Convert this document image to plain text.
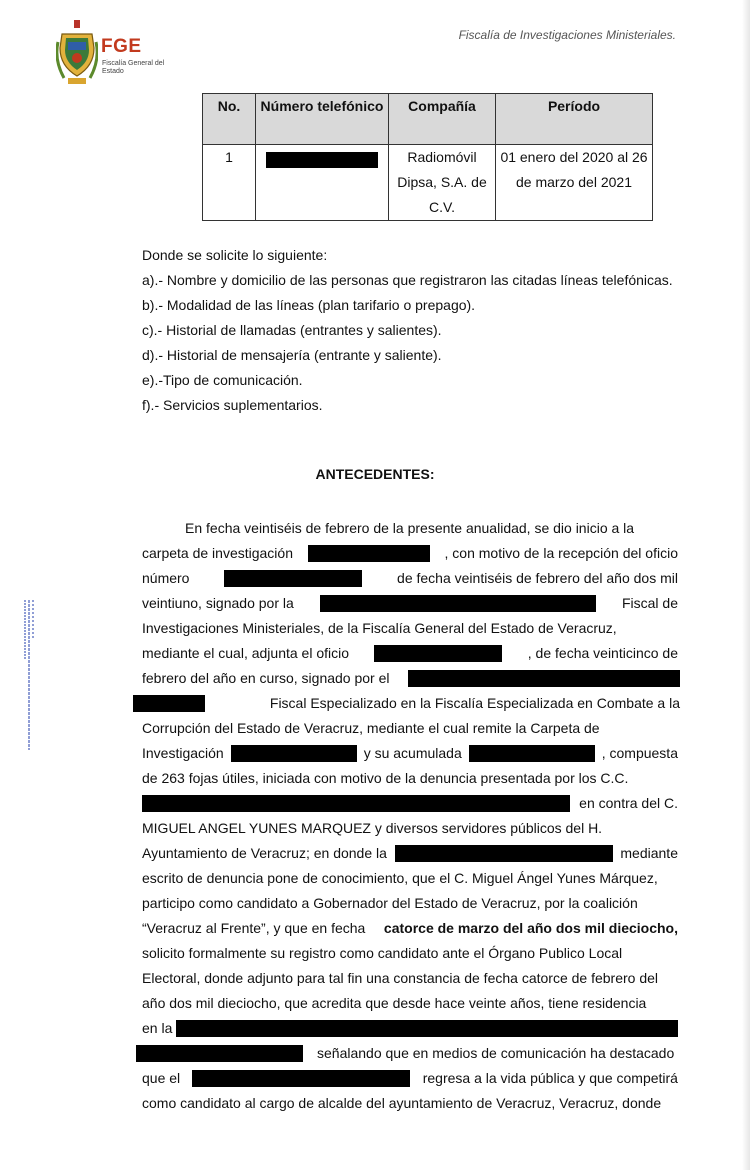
FGE
Fiscalía General del Estado
Fiscalía de Investigaciones Ministeriales.
No.	Número telefónico	Compañía	Período
1		Radiomóvil Dipsa, S.A. de C.V.	01 enero del 2020 al 26 de marzo del 2021

Donde se solicite lo siguiente:

a).- Nombre y domicilio de las personas que registraron las citadas líneas telefónicas.

b).- Modalidad de las líneas (plan tarifario o prepago).

c).- Historial de llamadas (entrantes y salientes).

d).- Historial de mensajería (entrante y saliente).

e).-Tipo de comunicación.

f).- Servicios suplementarios.

ANTECEDENTES:
En fecha veintiséis de febrero de la presente anualidad, se dio inicio a la
carpeta de investigación	, con motivo de la recepción del oficio
número	de fecha veintiséis de febrero del año dos mil
veintiuno, signado por la	Fiscal de
Investigaciones Ministeriales, de la Fiscalía General del Estado de Veracruz,
mediante el cual, adjunta el oficio	, de fecha veinticinco de
febrero del año en curso, signado por el
Fiscal Especializado en la Fiscalía Especializada en Combate a la
Corrupción del Estado de Veracruz, mediante el cual remite la Carpeta de
Investigación	y su acumulada	, compuesta
de 263 fojas útiles, iniciada con motivo de la denuncia presentada por los C.C.
en contra del C.
MIGUEL ANGEL YUNES MARQUEZ y diversos servidores públicos del H.
Ayuntamiento de Veracruz; en donde la	mediante
escrito de denuncia pone de conocimiento, que el C. Miguel Ángel Yunes Márquez,
participo como candidato a Gobernador del Estado de Veracruz, por la coalición
“Veracruz al Frente”, y que en fecha catorce de marzo del año dos mil dieciocho,
solicito formalmente su registro como candidato ante el Órgano Publico Local
Electoral, donde adjunto para tal fin una constancia de fecha catorce de febrero del
año dos mil dieciocho, que acredita que desde hace veinte años, tiene residencia
en la
señalando que en medios de comunicación ha destacado
que el	regresa a la vida pública y que competirá
como candidato al cargo de alcalde del ayuntamiento de Veracruz, Veracruz, donde
